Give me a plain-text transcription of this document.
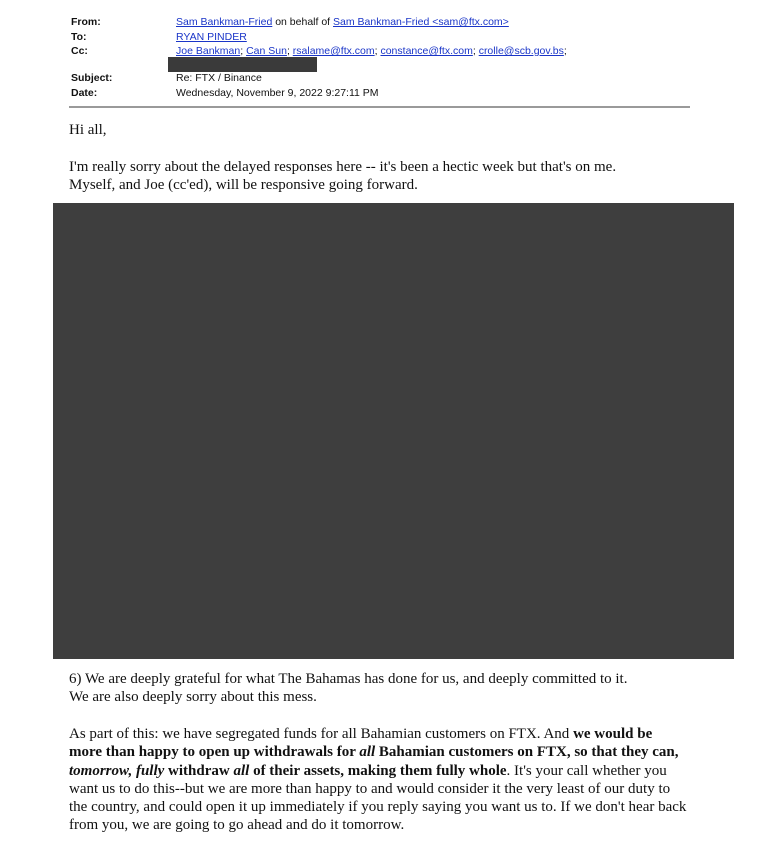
From:	Sam Bankman-Fried on behalf of Sam Bankman-Fried <sam@ftx.com>
To:	RYAN PINDER
Cc:	Joe Bankman; Can Sun; rsalame@ftx.com; constance@ftx.com; crolle@scb.gov.bs;
Subject:	Re: FTX / Binance
Date:	Wednesday, November 9, 2022 9:27:11 PM
Hi all,
I'm really sorry about the delayed responses here -- it's been a hectic week but that's on me.
Myself, and Joe (cc'ed), will be responsive going forward.
6) We are deeply grateful for what The Bahamas has done for us, and deeply committed to it.
We are also deeply sorry about this mess.
As part of this: we have segregated funds for all Bahamian customers on FTX. And we would be more than happy to open up withdrawals for all Bahamian customers on FTX, so that they can, tomorrow, fully withdraw all of their assets, making them fully whole. It's your call whether you want us to do this--but we are more than happy to and would consider it the very least of our duty to the country, and could open it up immediately if you reply saying you want us to. If we don't hear back from you, we are going to go ahead and do it tomorrow.
